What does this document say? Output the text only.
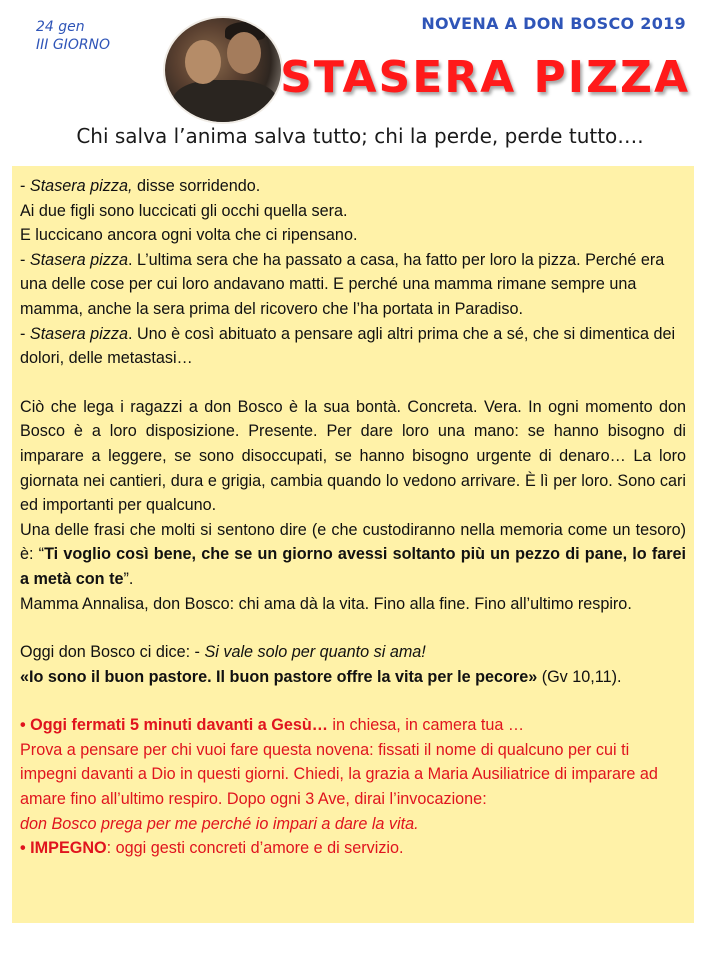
24 gen
III GIORNO
NOVENA A DON BOSCO 2019
STASERA PIZZA
Chi salva l’anima salva tutto; chi la perde, perde tutto….

- Stasera pizza, disse sorridendo.

Ai due figli sono luccicati gli occhi quella sera.

E luccicano ancora ogni volta che ci ripensano.

- Stasera pizza. L’ultima sera che ha passato a casa, ha fatto per loro la pizza. Perché era una delle cose per cui loro andavano matti. E perché una mamma rimane sempre una mamma, anche la sera prima del ricovero che l’ha portata in Paradiso.

- Stasera pizza. Uno è così abituato a pensare agli altri prima che a sé, che si dimentica dei dolori, delle metastasi…

Ciò che lega i ragazzi a don Bosco è la sua bontà. Concreta. Vera. In ogni momento don Bosco è a loro disposizione. Presente. Per dare loro una mano: se hanno bisogno di imparare a leggere, se sono disoccupati, se hanno bisogno urgente di denaro… La loro giornata nei cantieri, dura e grigia, cambia quando lo vedono arrivare. È lì per loro. Sono cari ed importanti per qualcuno.

Una delle frasi che molti si sentono dire (e che custodiranno nella memoria come un tesoro) è: “Ti voglio così bene, che se un giorno avessi soltanto più un pezzo di pane, lo farei a metà con te”.

Mamma Annalisa, don Bosco: chi ama dà la vita. Fino alla fine. Fino all’ultimo respiro.

Oggi don Bosco ci dice: - Si vale solo per quanto si ama!

«Io sono il buon pastore. Il buon pastore offre la vita per le pecore» (Gv 10,11).

• Oggi fermati 5 minuti davanti a Gesù… in chiesa, in camera tua …

Prova a pensare per chi vuoi fare questa novena: fissati il nome di qualcuno per cui ti impegni davanti a Dio in questi giorni. Chiedi, la grazia a Maria Ausiliatrice di imparare ad amare fino all’ultimo respiro. Dopo ogni 3 Ave, dirai l’invocazione:

don Bosco prega per me perché io impari a dare la vita.

• IMPEGNO: oggi gesti concreti d’amore e di servizio.
